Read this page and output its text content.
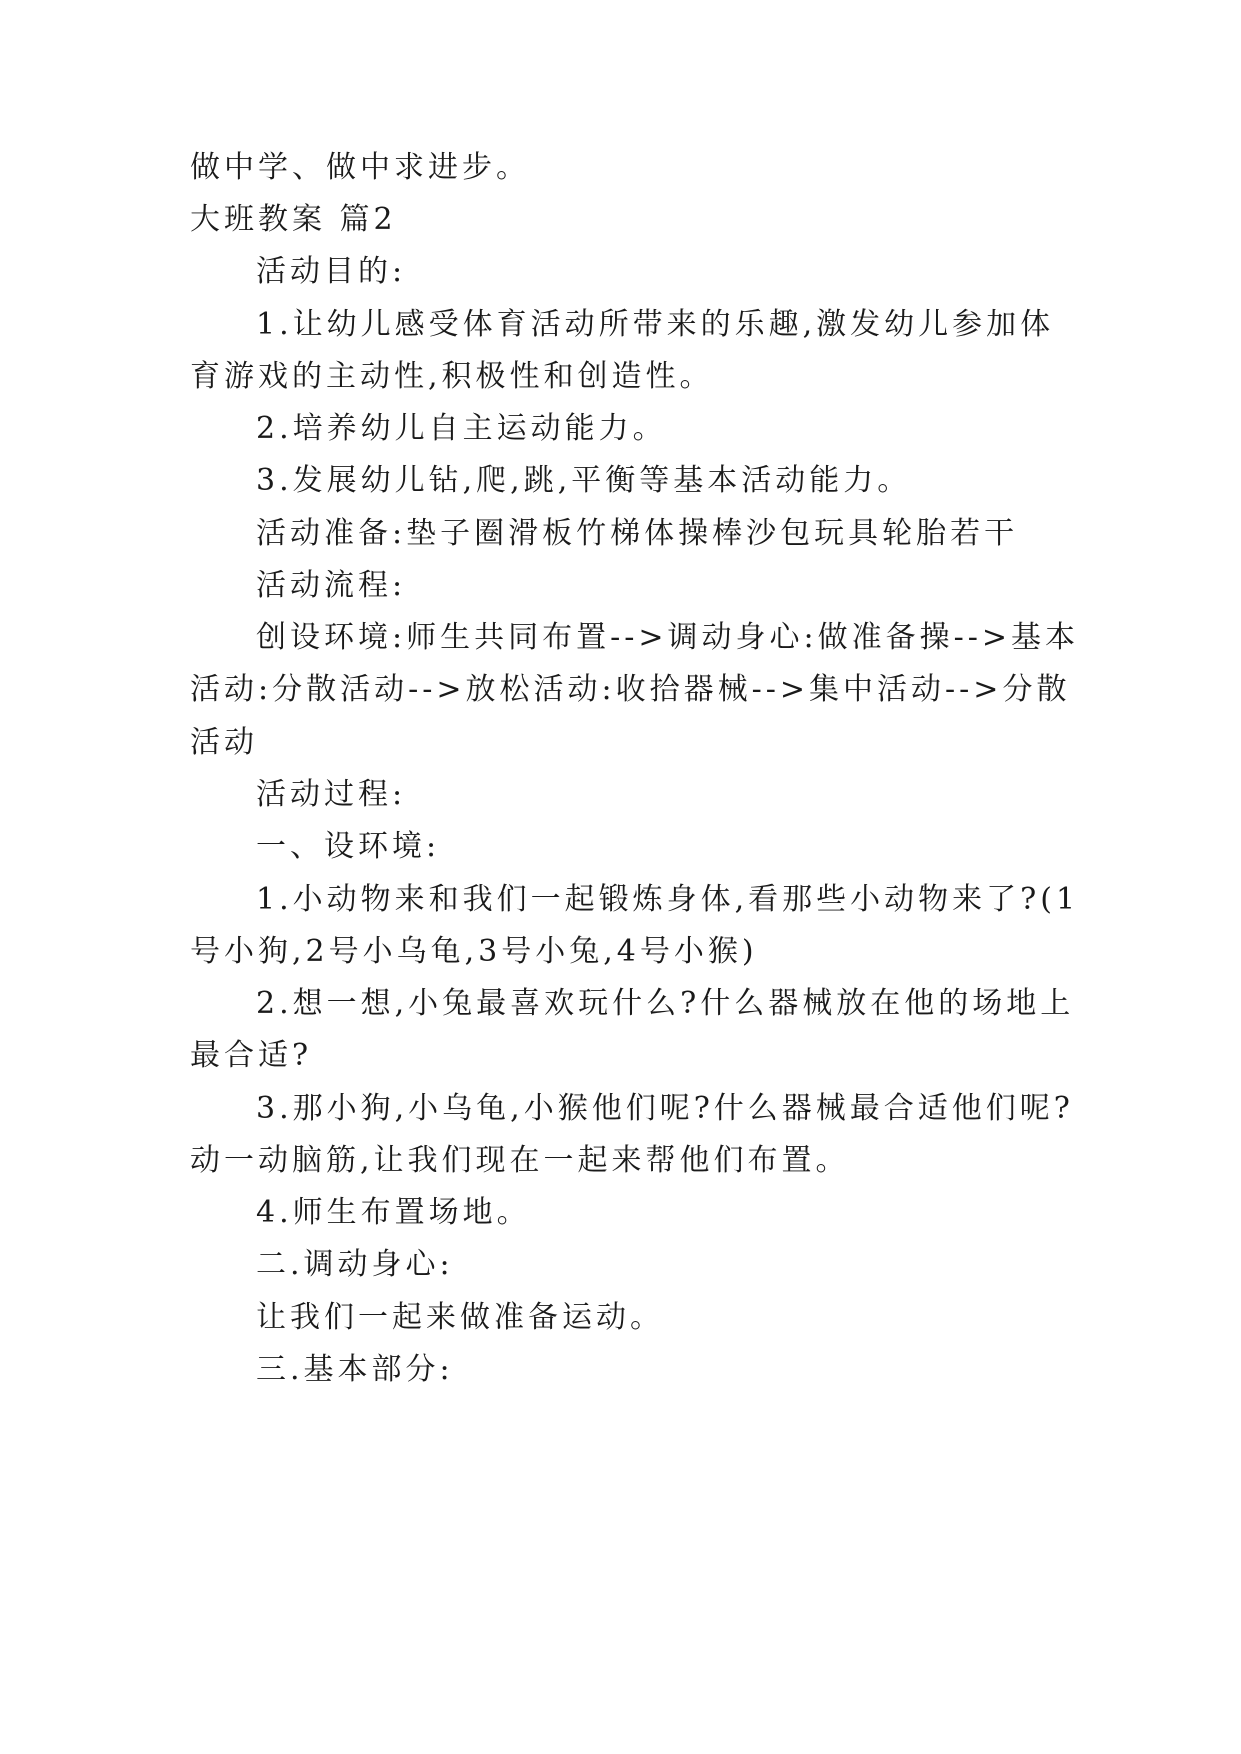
做中学、做中求进步。

大班教案 篇2

活动目的:

1.让幼儿感受体育活动所带来的乐趣,激发幼儿参加体

育游戏的主动性,积极性和创造性。

2.培养幼儿自主运动能力。

3.发展幼儿钻,爬,跳,平衡等基本活动能力。

活动准备:垫子圈滑板竹梯体操棒沙包玩具轮胎若干

活动流程:

创设环境:师生共同布置-->调动身心:做准备操-->基本

活动:分散活动-->放松活动:收拾器械-->集中活动-->分散

活动

活动过程:

一、设环境:

1.小动物来和我们一起锻炼身体,看那些小动物来了?(1

号小狗,2号小乌龟,3号小兔,4号小猴)

2.想一想,小兔最喜欢玩什么?什么器械放在他的场地上

最合适?

3.那小狗,小乌龟,小猴他们呢?什么器械最合适他们呢?

动一动脑筋,让我们现在一起来帮他们布置。

4.师生布置场地。

二.调动身心:

让我们一起来做准备运动。

三.基本部分:
